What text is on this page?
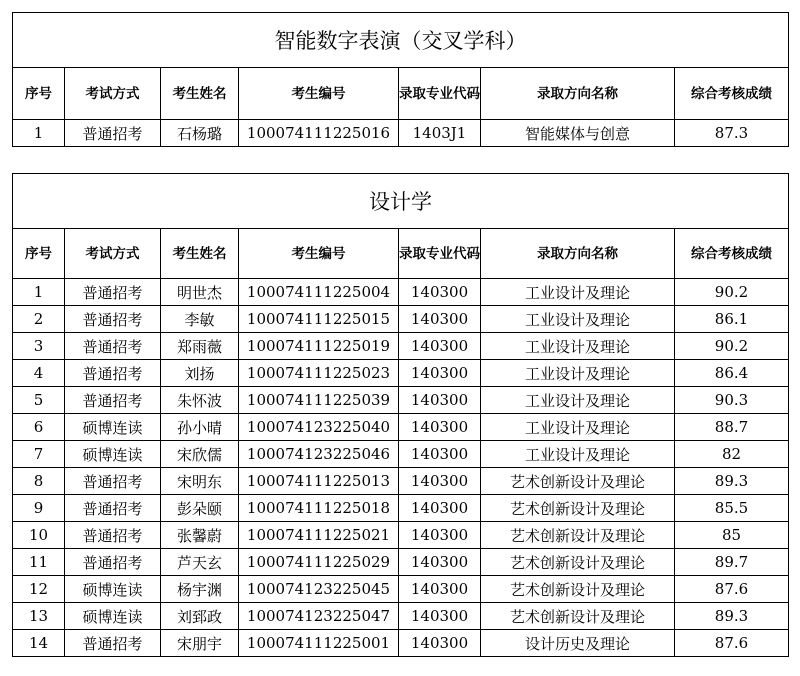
智能数字表演（交叉学科）						
序号	考试方式	考生姓名	考生编号	录取专业代码	录取方向名称	综合考核成绩
1	普通招考	石杨璐	100074111225016	1403J1	智能媒体与创意	87.3
设计学						
序号	考试方式	考生姓名	考生编号	录取专业代码	录取方向名称	综合考核成绩
1	普通招考	明世杰	100074111225004	140300	工业设计及理论	90.2
2	普通招考	李敏	100074111225015	140300	工业设计及理论	86.1
3	普通招考	郑雨薇	100074111225019	140300	工业设计及理论	90.2
4	普通招考	刘扬	100074111225023	140300	工业设计及理论	86.4
5	普通招考	朱怀波	100074111225039	140300	工业设计及理论	90.3
6	硕博连读	孙小晴	100074123225040	140300	工业设计及理论	88.7
7	硕博连读	宋欣儒	100074123225046	140300	工业设计及理论	82
8	普通招考	宋明东	100074111225013	140300	艺术创新设计及理论	89.3
9	普通招考	彭朵颐	100074111225018	140300	艺术创新设计及理论	85.5
10	普通招考	张馨蔚	100074111225021	140300	艺术创新设计及理论	85
11	普通招考	芦天玄	100074111225029	140300	艺术创新设计及理论	89.7
12	硕博连读	杨宇渊	100074123225045	140300	艺术创新设计及理论	87.6
13	硕博连读	刘郅政	100074123225047	140300	艺术创新设计及理论	89.3
14	普通招考	宋朋宇	100074111225001	140300	设计历史及理论	87.6
